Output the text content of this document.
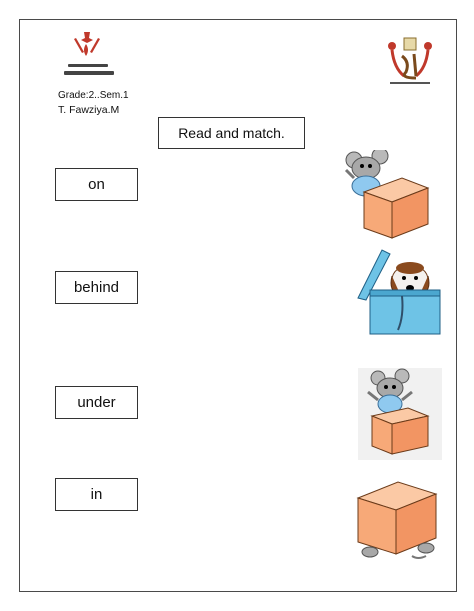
Grade:2..Sem.1
T. Fawziya.M
Read and match.
on
behind
under
in
